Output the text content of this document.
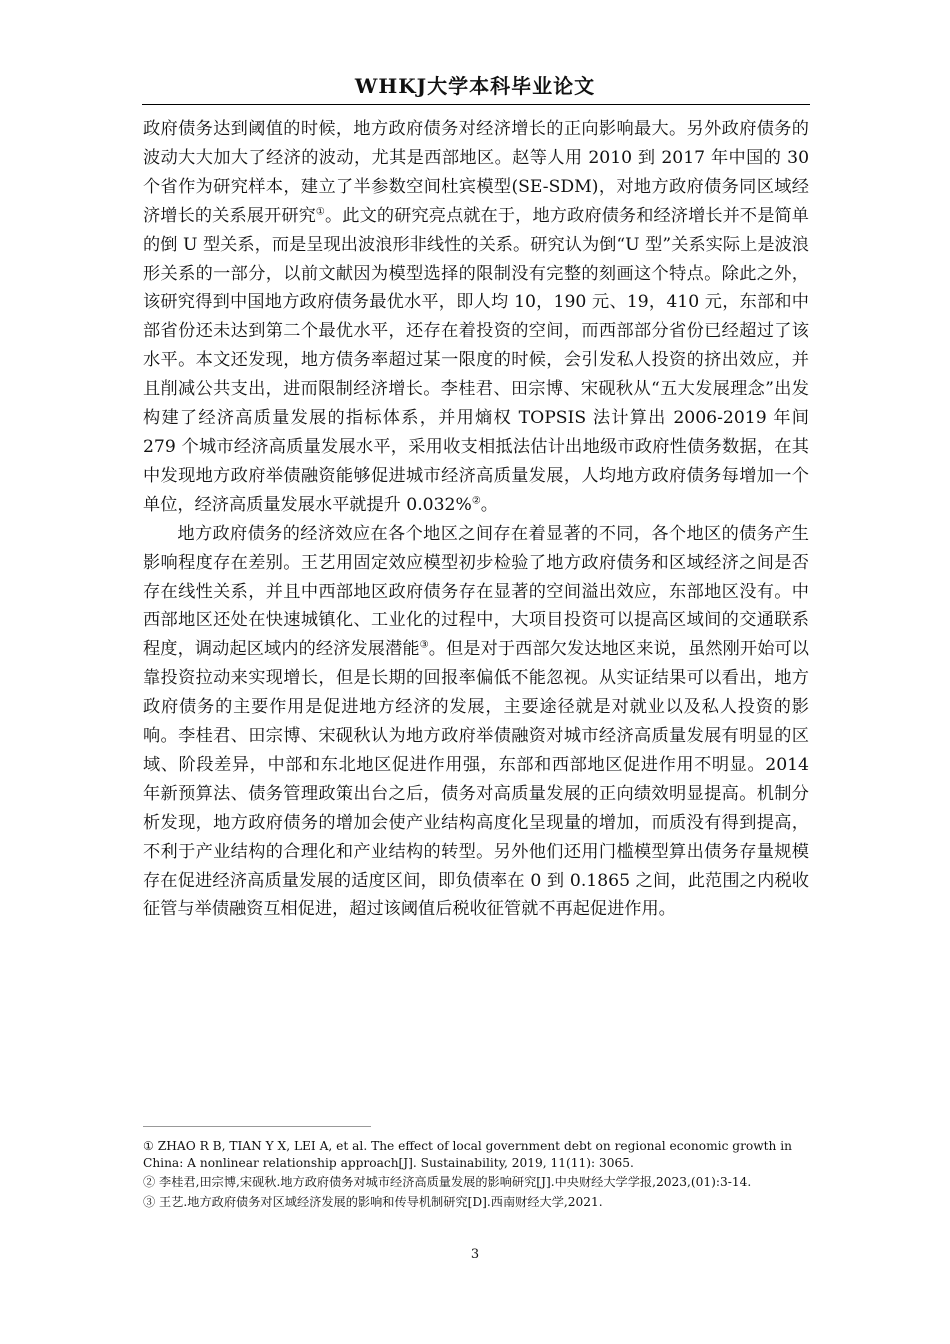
WHKJ大学本科毕业论文

政府债务达到阈值的时候，地方政府债务对经济增长的正向影响最大。另外政府债务的波动大大加大了经济的波动，尤其是西部地区。赵等人用 2010 到 2017 年中国的 30 个省作为研究样本，建立了半参数空间杜宾模型(SE-SDM)，对地方政府债务同区域经济增长的关系展开研究①。此文的研究亮点就在于，地方政府债务和经济增长并不是简单的倒 U 型关系，而是呈现出波浪形非线性的关系。研究认为倒“U 型”关系实际上是波浪形关系的一部分，以前文献因为模型选择的限制没有完整的刻画这个特点。除此之外，该研究得到中国地方政府债务最优水平，即人均 10，190 元、19，410 元，东部和中部省份还未达到第二个最优水平，还存在着投资的空间，而西部部分省份已经超过了该水平。本文还发现，地方债务率超过某一限度的时候，会引发私人投资的挤出效应，并且削减公共支出，进而限制经济增长。李桂君、田宗博、宋砚秋从“五大发展理念”出发构建了经济高质量发展的指标体系，并用熵权 TOPSIS 法计算出 2006-2019 年间 279 个城市经济高质量发展水平，采用收支相抵法估计出地级市政府性债务数据，在其中发现地方政府举债融资能够促进城市经济高质量发展，人均地方政府债务每增加一个单位，经济高质量发展水平就提升 0.032%②。

地方政府债务的经济效应在各个地区之间存在着显著的不同，各个地区的债务产生影响程度存在差别。王艺用固定效应模型初步检验了地方政府债务和区域经济之间是否存在线性关系，并且中西部地区政府债务存在显著的空间溢出效应，东部地区没有。中西部地区还处在快速城镇化、工业化的过程中，大项目投资可以提高区域间的交通联系程度，调动起区域内的经济发展潜能③。但是对于西部欠发达地区来说，虽然刚开始可以靠投资拉动来实现增长，但是长期的回报率偏低不能忽视。从实证结果可以看出，地方政府债务的主要作用是促进地方经济的发展，主要途径就是对就业以及私人投资的影响。李桂君、田宗博、宋砚秋认为地方政府举债融资对城市经济高质量发展有明显的区域、阶段差异，中部和东北地区促进作用强，东部和西部地区促进作用不明显。2014 年新预算法、债务管理政策出台之后，债务对高质量发展的正向绩效明显提高。机制分析发现，地方政府债务的增加会使产业结构高度化呈现量的增加，而质没有得到提高，不利于产业结构的合理化和产业结构的转型。另外他们还用门槛模型算出债务存量规模存在促进经济高质量发展的适度区间，即负债率在 0 到 0.1865 之间，此范围之内税收征管与举债融资互相促进，超过该阈值后税收征管就不再起促进作用。

① ZHAO R B, TIAN Y X, LEI A, et al. The effect of local government debt on regional economic growth in China: A nonlinear relationship approach[J]. Sustainability, 2019, 11(11): 3065.

② 李桂君,田宗博,宋砚秋.地方政府债务对城市经济高质量发展的影响研究[J].中央财经大学学报,2023,(01):3-14.

③ 王艺.地方政府债务对区域经济发展的影响和传导机制研究[D].西南财经大学,2021.

3
